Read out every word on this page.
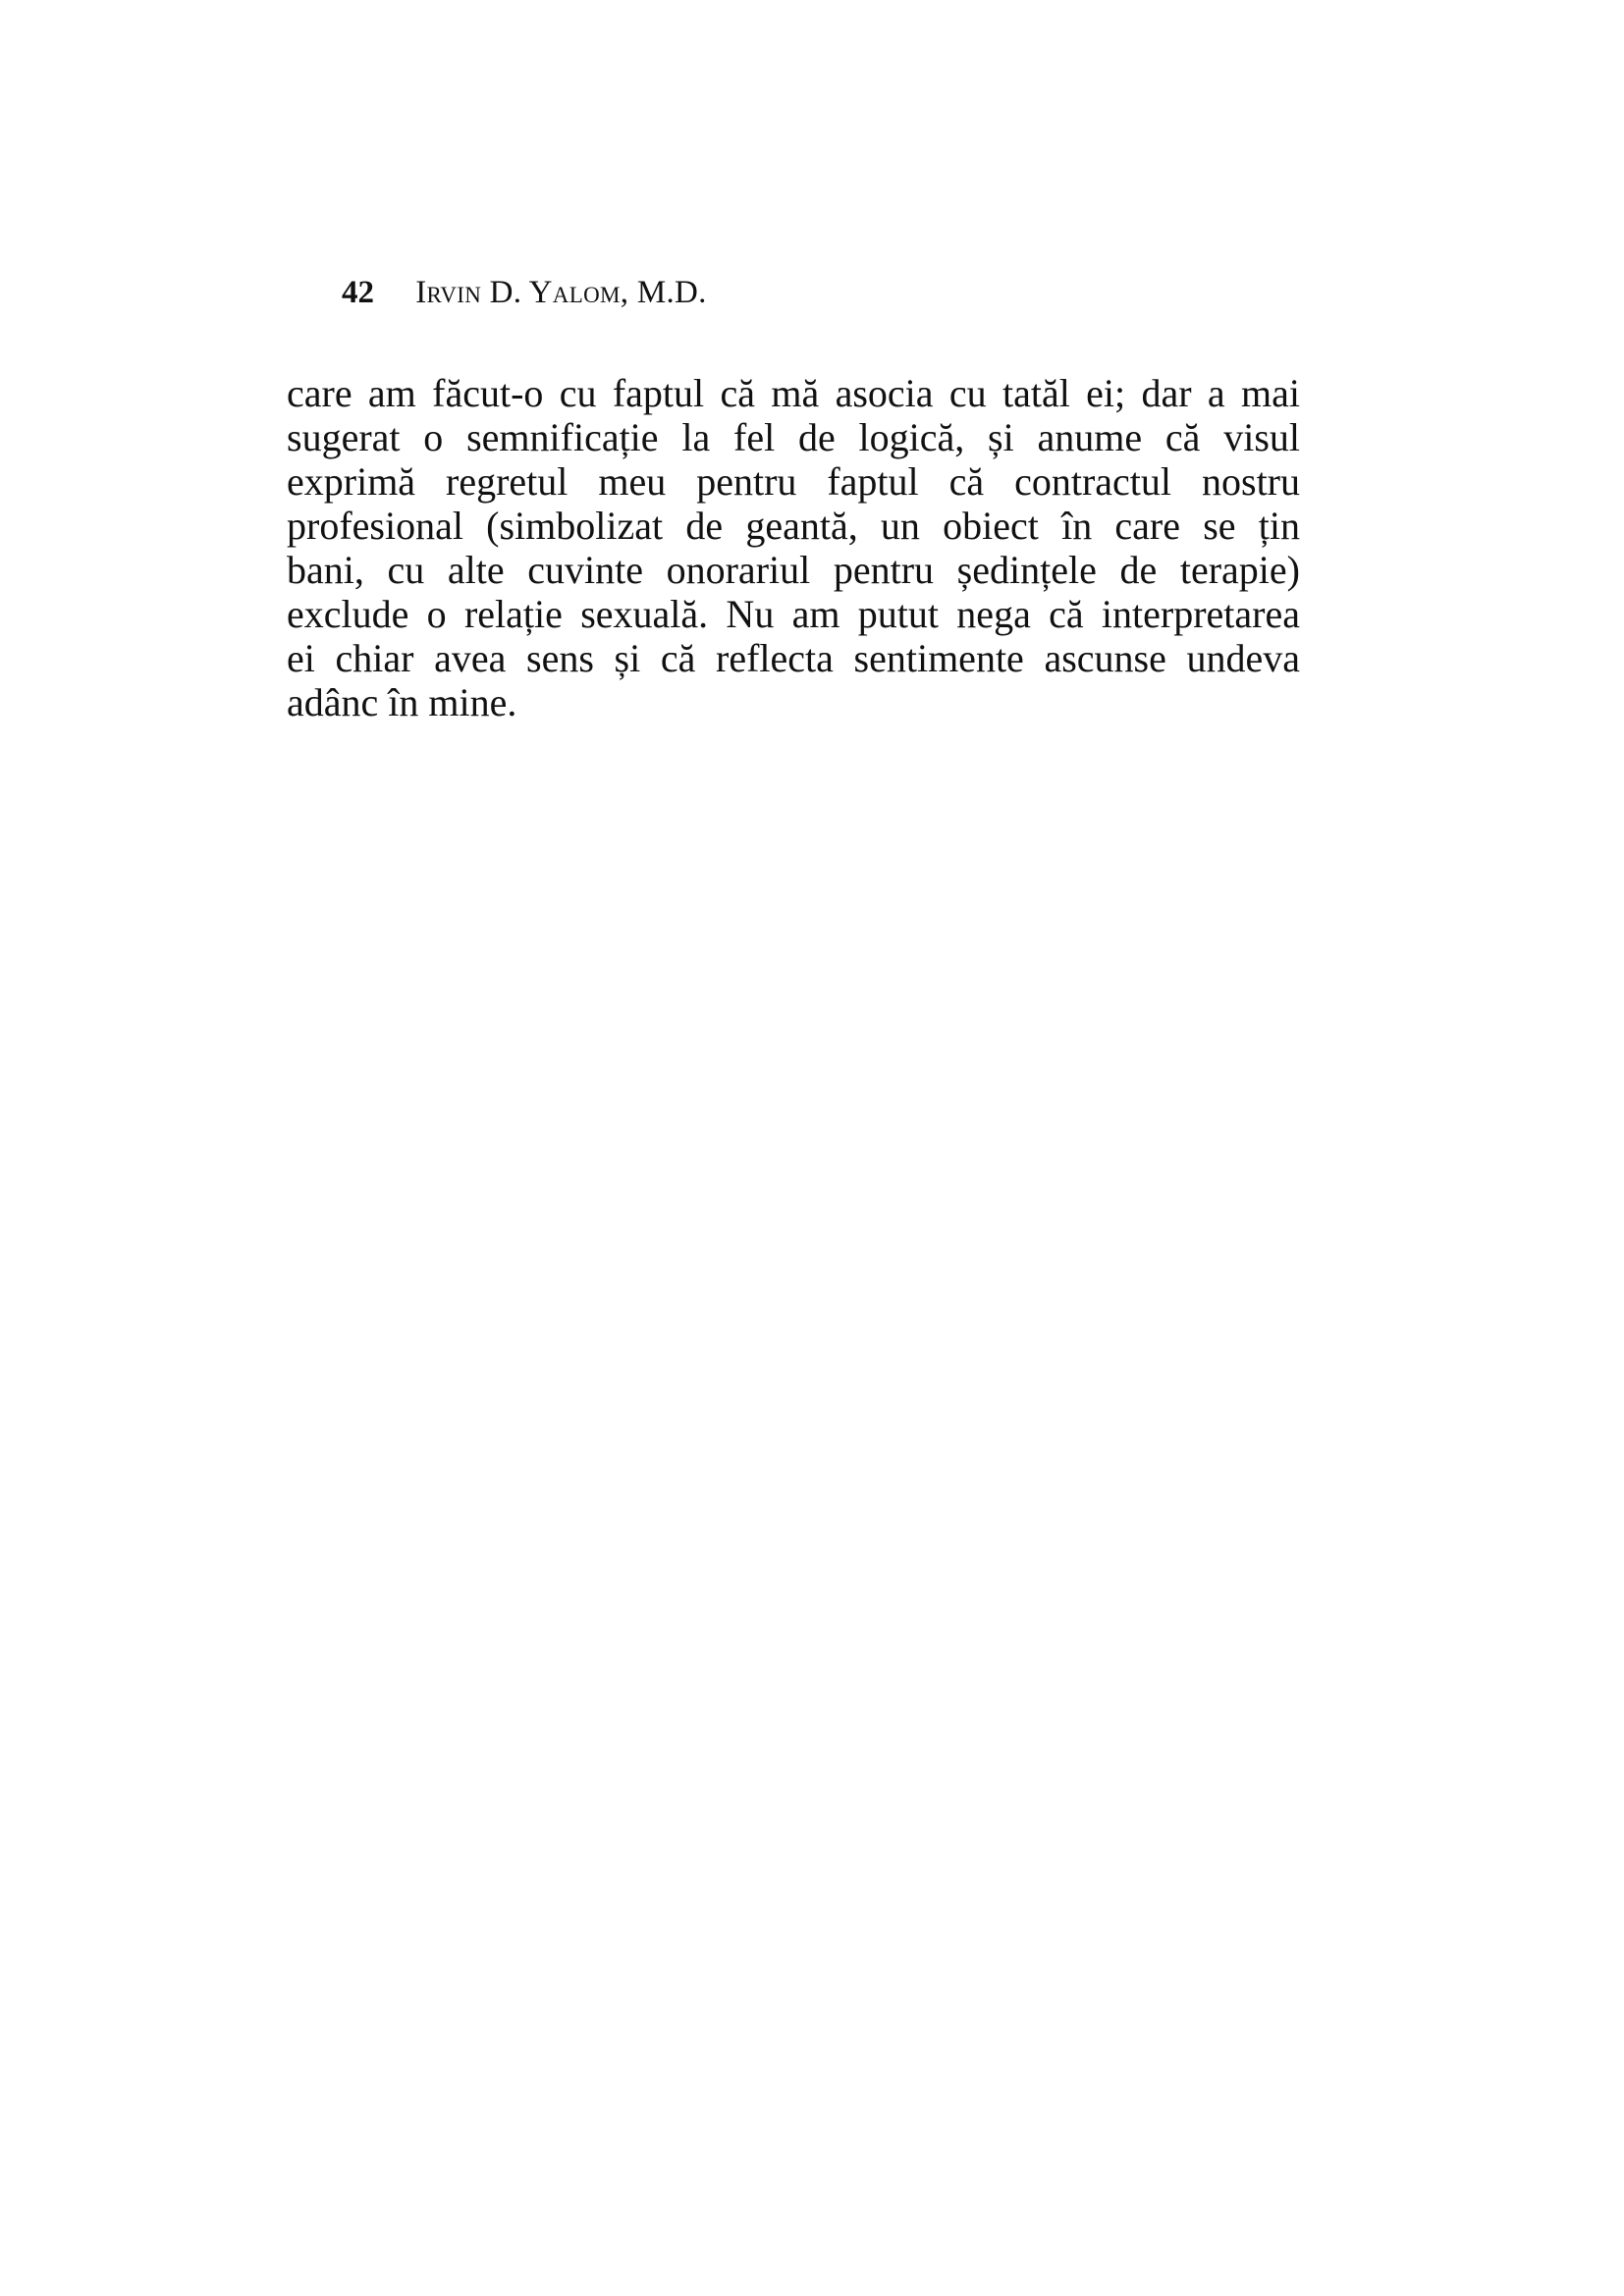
42 Irvin D. Yalom, M.D.
care am făcut-o cu faptul că mă asocia cu tatăl ei; dar a mai
sugerat o semnificație la fel de logică, și anume că visul
exprimă regretul meu pentru faptul că contractul nostru
profesional (simbolizat de geantă, un obiect în care se țin
bani, cu alte cuvinte onorariul pentru ședințele de terapie)
exclude o relație sexuală. Nu am putut nega că interpretarea
ei chiar avea sens și că reflecta sentimente ascunse undeva
adânc în mine.
